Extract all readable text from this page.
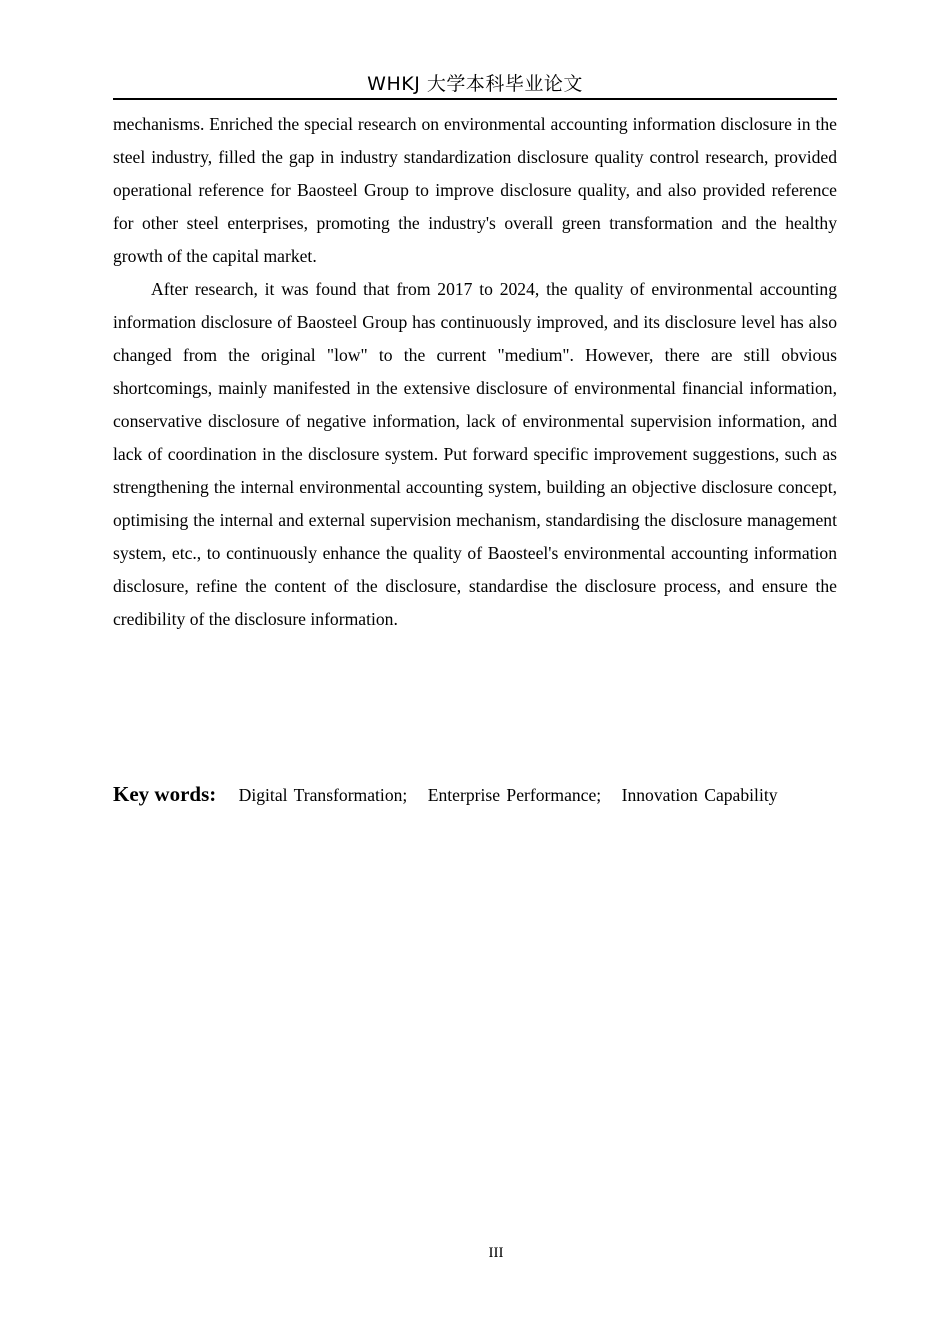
WHKJ 大学本科毕业论文

mechanisms. Enriched the special research on environmental accounting information disclosure in the steel industry, filled the gap in industry standardization disclosure quality control research, provided operational reference for Baosteel Group to improve disclosure quality, and also provided reference for other steel enterprises, promoting the industry's overall green transformation and the healthy growth of the capital market.

After research, it was found that from 2017 to 2024, the quality of environmental accounting information disclosure of Baosteel Group has continuously improved, and its disclosure level has also changed from the original "low" to the current "medium". However, there are still obvious shortcomings, mainly manifested in the extensive disclosure of environmental financial information, conservative disclosure of negative information, lack of environmental supervision information, and lack of coordination in the disclosure system. Put forward specific improvement suggestions, such as strengthening the internal environmental accounting system, building an objective disclosure concept, optimising the internal and external supervision mechanism, standardising the disclosure management system, etc., to continuously enhance the quality of Baosteel's environmental accounting information disclosure, refine the content of the disclosure, standardise the disclosure process, and ensure the credibility of the disclosure information.

Key words: Digital Transformation; Enterprise Performance; Innovation Capability
III
